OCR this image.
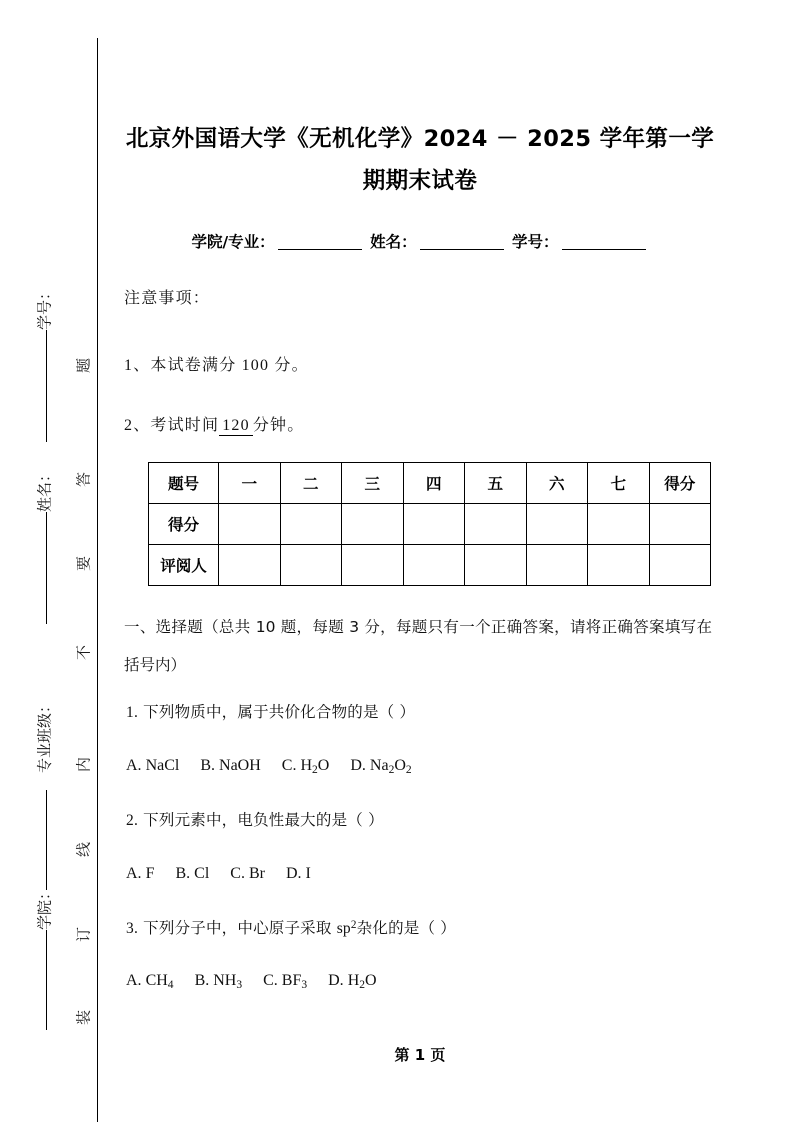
题
答
要
不
内
线
订
装
学号：
姓名：
专业班级：
学院：
北京外国语大学《无机化学》2024 － 2025 学年第一学期期末试卷
学院/专业：	姓名：	学号：
注意事项：
1、本试卷满分 100 分。
2、考试时间 120 分钟。
题号	一	二	三	四	五	六	七	得分
得分								
评阅人								
一、选择题（总共 10 题，每题 3 分，每题只有一个正确答案，请将正确答案填写在括号内）
1. 下列物质中，属于共价化合物的是（ ）
A. NaCl B. NaOH C. $H_2O$ D. $Na_2O_2$
2. 下列元素中，电负性最大的是（ ）
A. F B. Cl C. Br D. I
3. 下列分子中，中心原子采取 $sp^2$杂化的是（ ）
A. $CH_4$ B. $NH_3$ C. $BF_3$ D. $H_2O$
第 1 页
